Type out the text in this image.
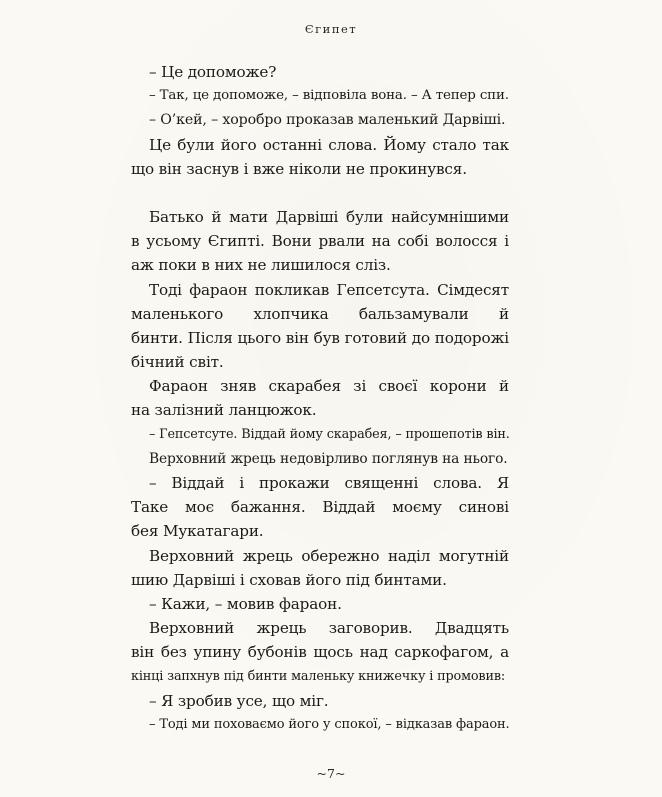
Єгипет
– Це допоможе?
– Так, це допоможе, – відповіла вона. – А тепер спи.
– О’кей, – хоробро проказав маленький Дарвіші.
Це були його останні слова. Йому стало так
що він заснув і вже ніколи не прокинувся.
Батько й мати Дарвіші були найсумнішими
в усьому Єгипті. Вони рвали на собі волосся і
аж поки в них не лишилося сліз.
Тоді фараон покликав Гепсетсута. Сімдесят
маленького хлопчика бальзамували й
бинти. Після цього він був готовий до подорожі
бічний світ.
Фараон зняв скарабея зі своєї корони й
на залізний ланцюжок.
– Гепсетсуте. Віддай йому скарабея, – прошепотів він.
Верховний жрець недовірливо поглянув на нього.
– Віддай і прокажи священні слова. Я
Таке моє бажання. Віддай моєму синові
бея Мукатагари.
Верховний жрець обережно наділ могутній
шию Дарвіші і сховав його під бинтами.
– Кажи, – мовив фараон.
Верховний жрець заговорив. Двадцять
він без упину бубонів щось над саркофагом, а
кінці запхнув під бинти маленьку книжечку і промовив:
– Я зробив усе, що міг.
– Тоді ми поховаємо його у спокої, – відказав фараон.
~7~
